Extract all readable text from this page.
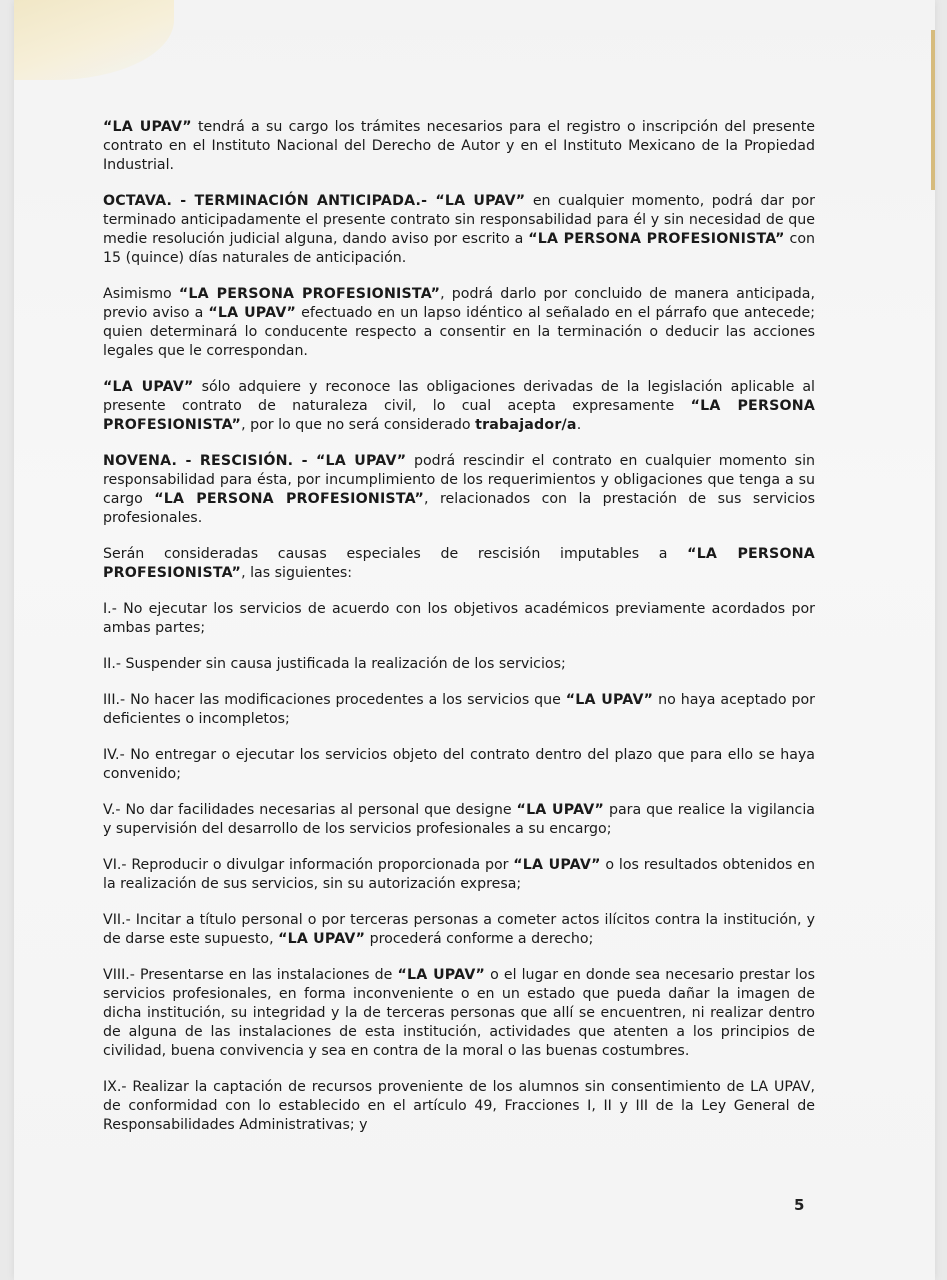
“LA UPAV” tendrá a su cargo los trámites necesarios para el registro o inscripción del presente contrato en el Instituto Nacional del Derecho de Autor y en el Instituto Mexicano de la Propiedad Industrial.

OCTAVA. - TERMINACIÓN ANTICIPADA.- “LA UPAV” en cualquier momento, podrá dar por terminado anticipadamente el presente contrato sin responsabilidad para él y sin necesidad de que medie resolución judicial alguna, dando aviso por escrito a “LA PERSONA PROFESIONISTA” con 15 (quince) días naturales de anticipación.

Asimismo “LA PERSONA PROFESIONISTA”, podrá darlo por concluido de manera anticipada, previo aviso a “LA UPAV” efectuado en un lapso idéntico al señalado en el párrafo que antecede; quien determinará lo conducente respecto a consentir en la terminación o deducir las acciones legales que le correspondan.

“LA UPAV” sólo adquiere y reconoce las obligaciones derivadas de la legislación aplicable al presente contrato de naturaleza civil, lo cual acepta expresamente “LA PERSONA PROFESIONISTA”, por lo que no será considerado trabajador/a.

NOVENA. - RESCISIÓN. - “LA UPAV” podrá rescindir el contrato en cualquier momento sin responsabilidad para ésta, por incumplimiento de los requerimientos y obligaciones que tenga a su cargo “LA PERSONA PROFESIONISTA”, relacionados con la prestación de sus servicios profesionales.

Serán consideradas causas especiales de rescisión imputables a “LA PERSONA PROFESIONISTA”, las siguientes:

I.- No ejecutar los servicios de acuerdo con los objetivos académicos previamente acordados por ambas partes;

II.- Suspender sin causa justificada la realización de los servicios;

III.- No hacer las modificaciones procedentes a los servicios que “LA UPAV” no haya aceptado por deficientes o incompletos;

IV.- No entregar o ejecutar los servicios objeto del contrato dentro del plazo que para ello se haya convenido;

V.- No dar facilidades necesarias al personal que designe “LA UPAV” para que realice la vigilancia y supervisión del desarrollo de los servicios profesionales a su encargo;

VI.- Reproducir o divulgar información proporcionada por “LA UPAV” o los resultados obtenidos en la realización de sus servicios, sin su autorización expresa;

VII.- Incitar a título personal o por terceras personas a cometer actos ilícitos contra la institución, y de darse este supuesto, “LA UPAV” procederá conforme a derecho;

VIII.- Presentarse en las instalaciones de “LA UPAV” o el lugar en donde sea necesario prestar los servicios profesionales, en forma inconveniente o en un estado que pueda dañar la imagen de dicha institución, su integridad y la de terceras personas que allí se encuentren, ni realizar dentro de alguna de las instalaciones de esta institución, actividades que atenten a los principios de civilidad, buena convivencia y sea en contra de la moral o las buenas costumbres.

IX.- Realizar la captación de recursos proveniente de los alumnos sin consentimiento de LA UPAV, de conformidad con lo establecido en el artículo 49, Fracciones I, II y III de la Ley General de Responsabilidades Administrativas; y

5
